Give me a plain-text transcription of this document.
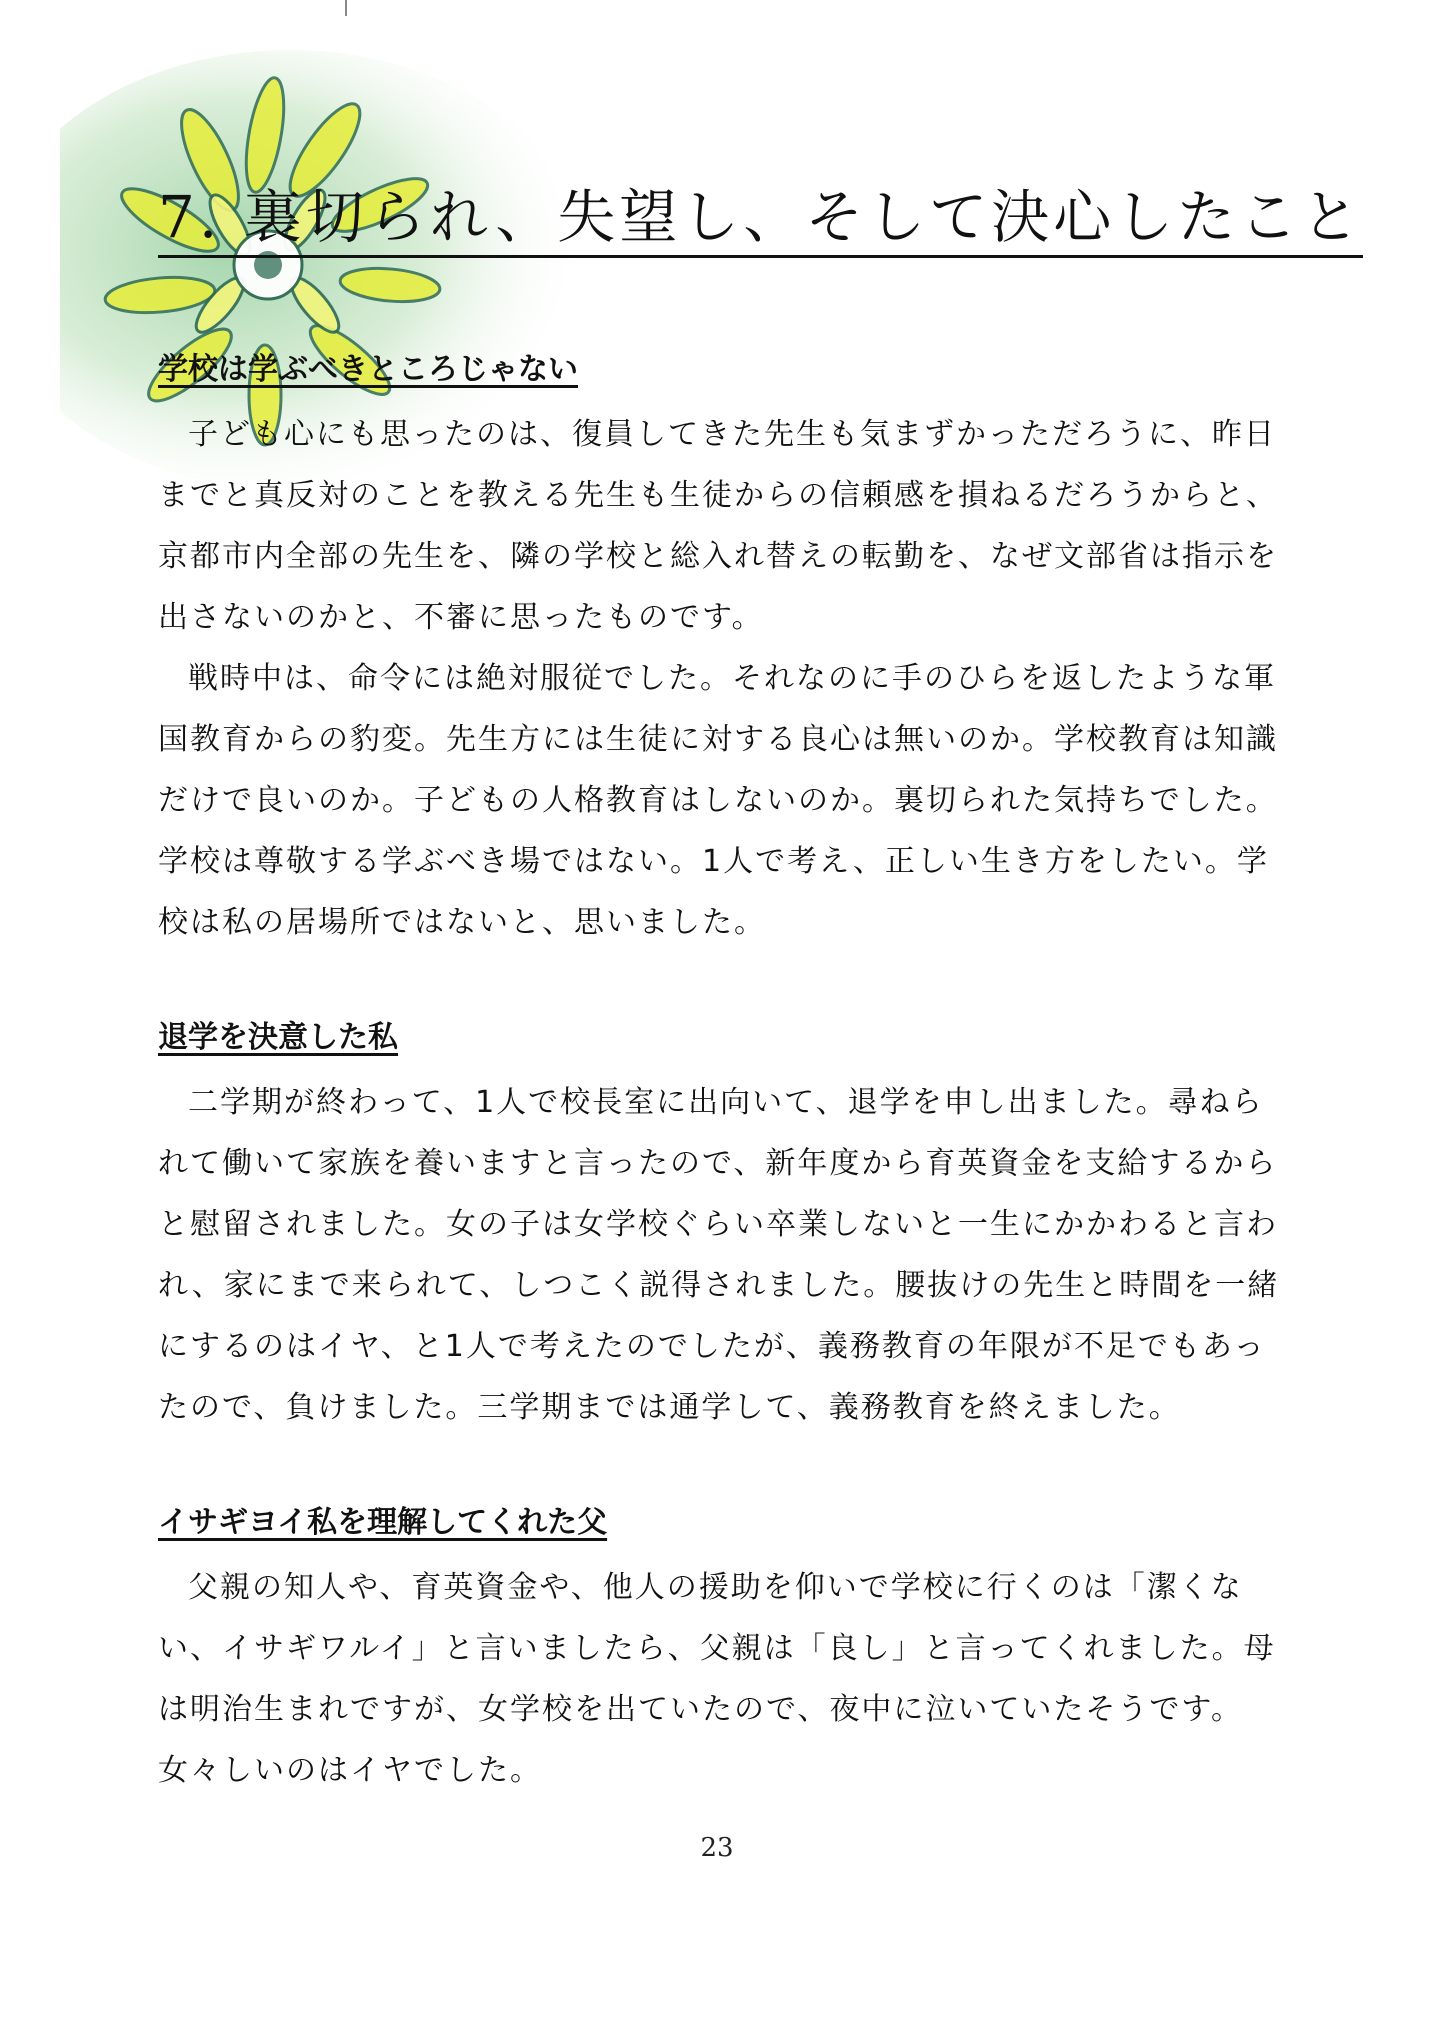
7. 裏切られ、失望し、そして決心したこと
学校は学ぶべきところじゃない

子ども心にも思ったのは、復員してきた先生も気まずかっただろうに、昨日までと真反対のことを教える先生も生徒からの信頼感を損ねるだろうからと、京都市内全部の先生を、隣の学校と総入れ替えの転勤を、なぜ文部省は指示を出さないのかと、不審に思ったものです。

戦時中は、命令には絶対服従でした。それなのに手のひらを返したような軍国教育からの豹変。先生方には生徒に対する良心は無いのか。学校教育は知識だけで良いのか。子どもの人格教育はしないのか。裏切られた気持ちでした。学校は尊敬する学ぶべき場ではない。1人で考え、正しい生き方をしたい。学校は私の居場所ではないと、思いました。

退学を決意した私

二学期が終わって、1人で校長室に出向いて、退学を申し出ました。尋ねられて働いて家族を養いますと言ったので、新年度から育英資金を支給するからと慰留されました。女の子は女学校ぐらい卒業しないと一生にかかわると言われ、家にまで来られて、しつこく説得されました。腰抜けの先生と時間を一緒にするのはイヤ、と1人で考えたのでしたが、義務教育の年限が不足でもあったので、負けました。三学期までは通学して、義務教育を終えました。

イサギヨイ私を理解してくれた父

父親の知人や、育英資金や、他人の援助を仰いで学校に行くのは「潔くない、イサギワルイ」と言いましたら、父親は「良し」と言ってくれました。母は明治生まれですが、女学校を出ていたので、夜中に泣いていたそうです。女々しいのはイヤでした。

23
